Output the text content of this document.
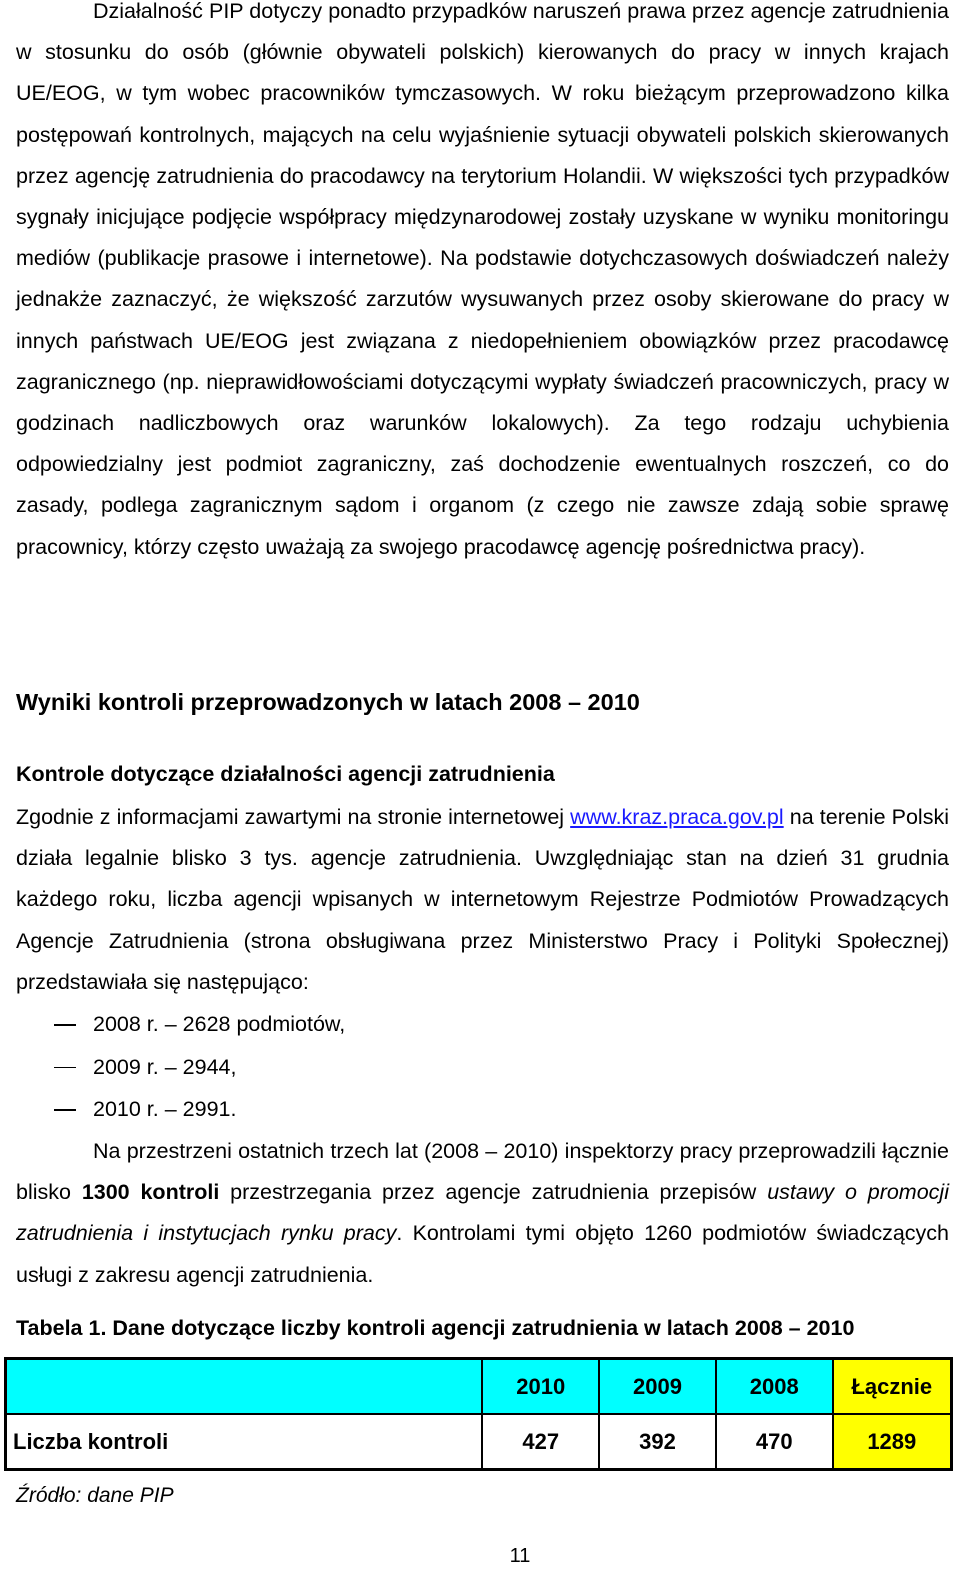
Działalność PIP dotyczy ponadto przypadków naruszeń prawa przez agencje zatrudnienia w stosunku do osób (głównie obywateli polskich) kierowanych do pracy w innych krajach UE/EOG, w tym wobec pracowników tymczasowych. W roku bieżącym przeprowadzono kilka postępowań kontrolnych, mających na celu wyjaśnienie sytuacji obywateli polskich skierowanych przez agencję zatrudnienia do pracodawcy na terytorium Holandii. W większości tych przypadków sygnały inicjujące podjęcie współpracy międzynarodowej zostały uzyskane w wyniku monitoringu mediów (publikacje prasowe i internetowe). Na podstawie dotychczasowych doświadczeń należy jednakże zaznaczyć, że większość zarzutów wysuwanych przez osoby skierowane do pracy w innych państwach UE/EOG jest związana z niedopełnieniem obowiązków przez pracodawcę zagranicznego (np. nieprawidłowościami dotyczącymi wypłaty świadczeń pracowniczych, pracy w godzinach nadliczbowych oraz warunków lokalowych). Za tego rodzaju uchybienia odpowiedzialny jest podmiot zagraniczny, zaś dochodzenie ewentualnych roszczeń, co do zasady, podlega zagranicznym sądom i organom (z czego nie zawsze zdają sobie sprawę pracownicy, którzy często uważają za swojego pracodawcę agencję pośrednictwa pracy).

Wyniki kontroli przeprowadzonych w latach 2008 – 2010
Kontrole dotyczące działalności agencji zatrudnienia

Zgodnie z informacjami zawartymi na stronie internetowej www.kraz.praca.gov.pl na terenie Polski działa legalnie blisko 3 tys. agencje zatrudnienia. Uwzględniając stan na dzień 31 grudnia każdego roku, liczba agencji wpisanych w internetowym Rejestrze Podmiotów Prowadzących Agencje Zatrudnienia (strona obsługiwana przez Ministerstwo Pracy i Polityki Społecznej) przedstawiała się następująco:

2008 r. – 2628 podmiotów,
2009 r. – 2944,
2010 r. – 2991.

Na przestrzeni ostatnich trzech lat (2008 – 2010) inspektorzy pracy przeprowadzili łącznie blisko 1300 kontroli przestrzegania przez agencje zatrudnienia przepisów ustawy o promocji zatrudnienia i instytucjach rynku pracy. Kontrolami tymi objęto 1260 podmiotów świadczących usługi z zakresu agencji zatrudnienia.

Tabela 1. Dane dotyczące liczby kontroli agencji zatrudnienia w latach 2008 – 2010
	2010	2009	2008	Łącznie
Liczba kontroli	427	392	470	1289
Źródło: dane PIP
11
